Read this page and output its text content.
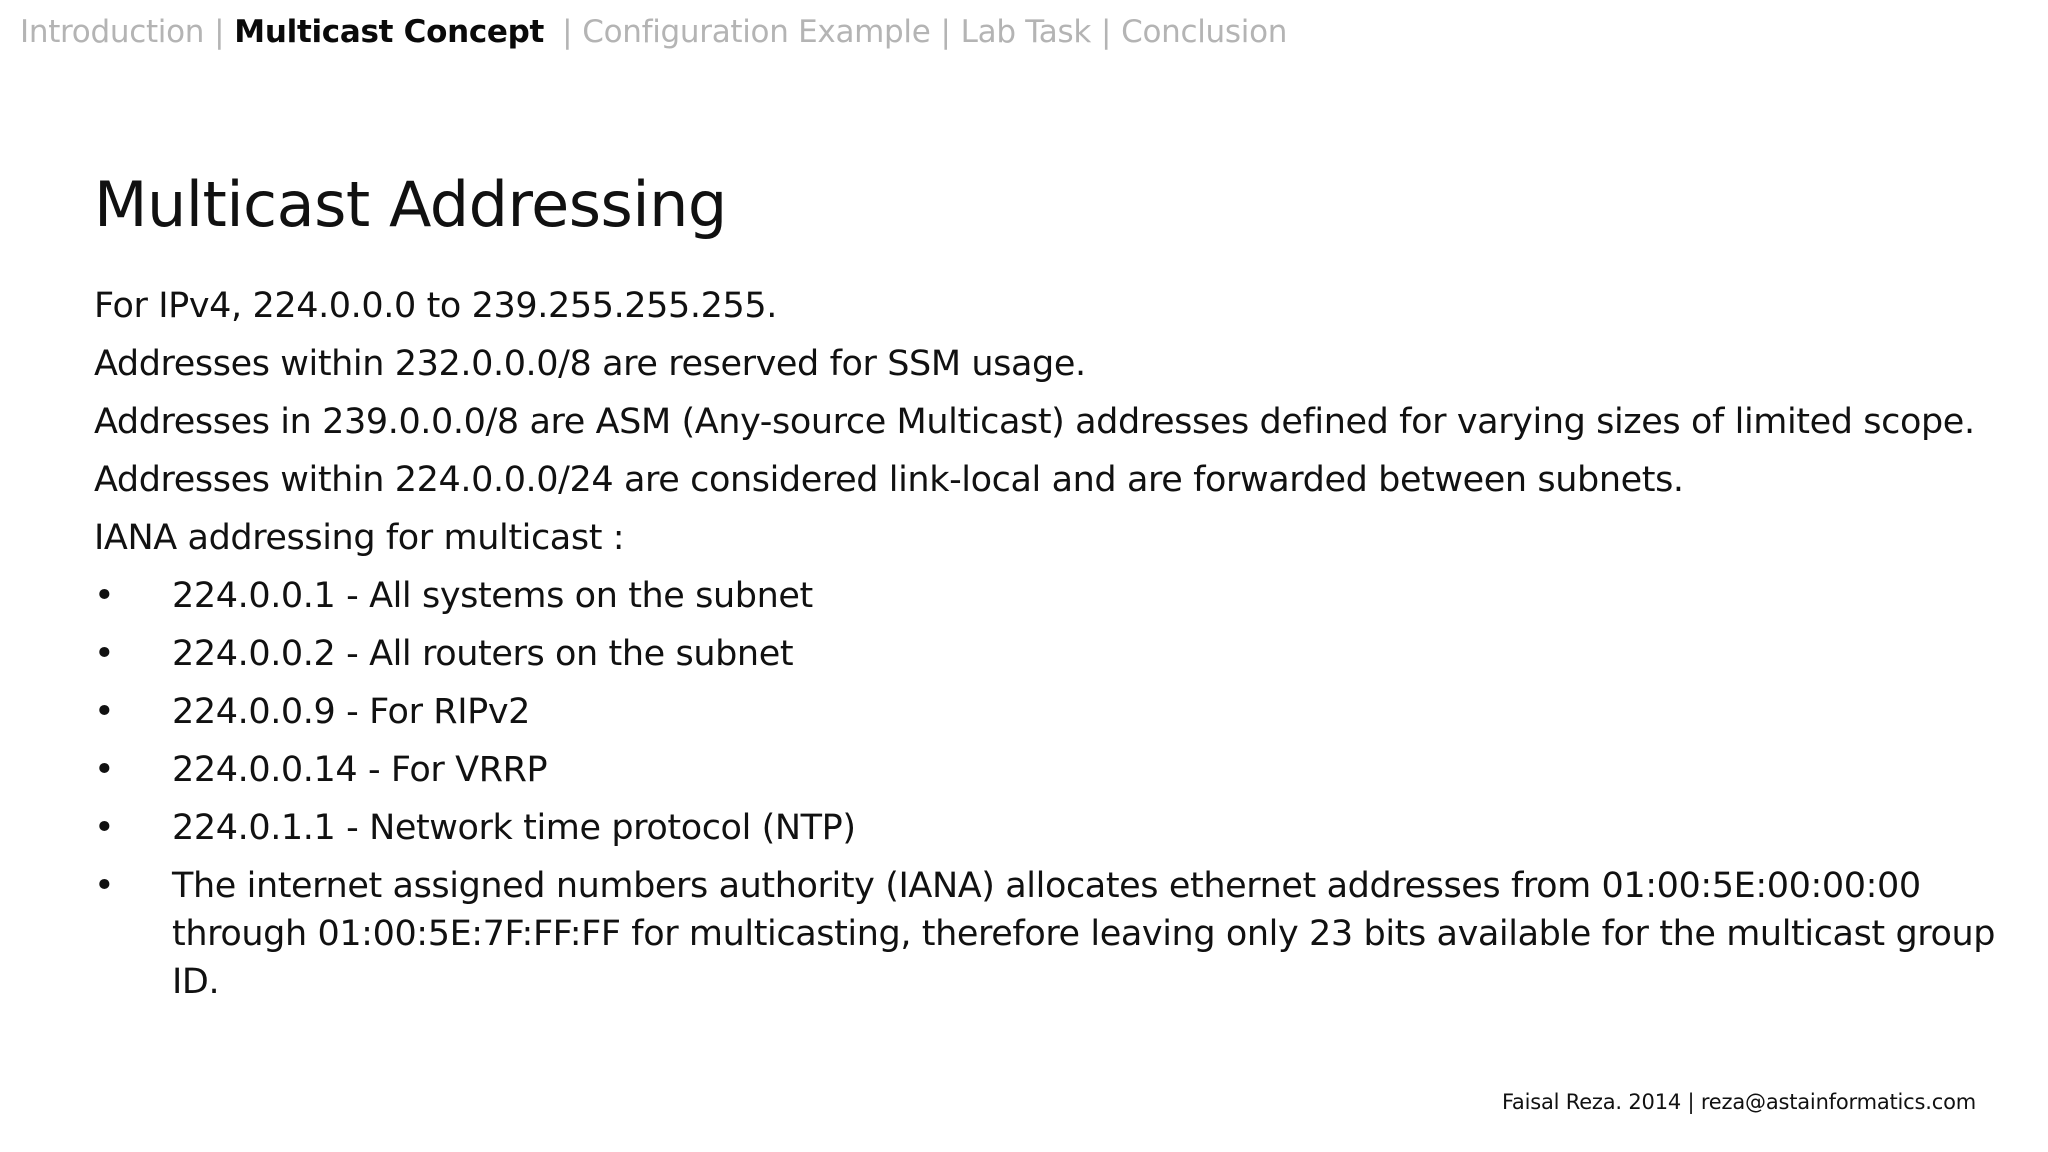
Introduction | Multicast Concept | Configuration Example | Lab Task | Conclusion
Multicast Addressing

For IPv4, 224.0.0.0 to 239.255.255.255.

Addresses within 232.0.0.0/8 are reserved for SSM usage.

Addresses in 239.0.0.0/8 are ASM (Any-source Multicast) addresses defined for varying sizes of limited scope.

Addresses within 224.0.0.0/24 are considered link-local and are forwarded between subnets.

IANA addressing for multicast :

• 224.0.0.1 - All systems on the subnet
• 224.0.0.2 - All routers on the subnet
• 224.0.0.9 - For RIPv2
• 224.0.0.14 - For VRRP
• 224.0.1.1 - Network time protocol (NTP)
• The internet assigned numbers authority (IANA) allocates ethernet addresses from 01:00:5E:00:00:00 through 01:00:5E:7F:FF:FF for multicasting, therefore leaving only 23 bits available for the multicast group ID.
Faisal Reza. 2014 | reza@astainformatics.com
